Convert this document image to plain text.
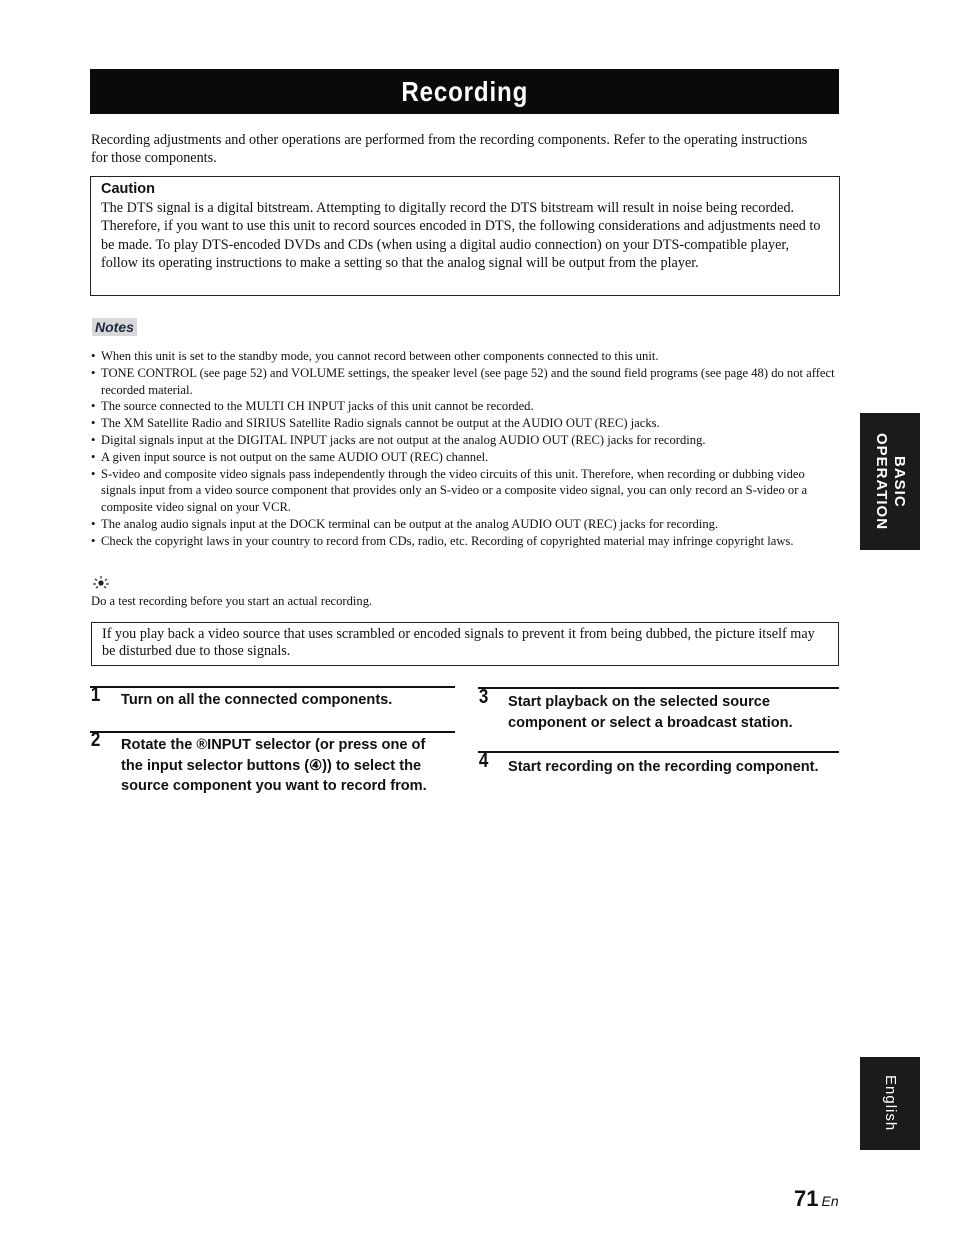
Recording
Recording adjustments and other operations are performed from the recording components. Refer to the operating instructions for those components.
Caution
The DTS signal is a digital bitstream. Attempting to digitally record the DTS bitstream will result in noise being recorded. Therefore, if you want to use this unit to record sources encoded in DTS, the following considerations and adjustments need to be made. To play DTS-encoded DVDs and CDs (when using a digital audio connection) on your DTS-compatible player, follow its operating instructions to make a setting so that the analog signal will be output from the player.
Notes
• When this unit is set to the standby mode, you cannot record between other components connected to this unit.
• TONE CONTROL (see page 52) and VOLUME settings, the speaker level (see page 52) and the sound field programs (see page 48) do not affect recorded material.
• The source connected to the MULTI CH INPUT jacks of this unit cannot be recorded.
• The XM Satellite Radio and SIRIUS Satellite Radio signals cannot be output at the AUDIO OUT (REC) jacks.
• Digital signals input at the DIGITAL INPUT jacks are not output at the analog AUDIO OUT (REC) jacks for recording.
• A given input source is not output on the same AUDIO OUT (REC) channel.
• S-video and composite video signals pass independently through the video circuits of this unit. Therefore, when recording or dubbing video signals input from a video source component that provides only an S-video or a composite video signal, you can only record an S-video or a composite video signal on your VCR.
• The analog audio signals input at the DOCK terminal can be output at the analog AUDIO OUT (REC) jacks for recording.
• Check the copyright laws in your country to record from CDs, radio, etc. Recording of copyrighted material may infringe copyright laws.
Do a test recording before you start an actual recording.
If you play back a video source that uses scrambled or encoded signals to prevent it from being dubbed, the picture itself may be disturbed due to those signals.
1 Turn on all the connected components.
2 Rotate the ®INPUT selector (or press one of the input selector buttons (④)) to select the source component you want to record from.
3 Start playback on the selected source component or select a broadcast station.
4 Start recording on the recording component.
BASIC OPERATION
English
71 En
